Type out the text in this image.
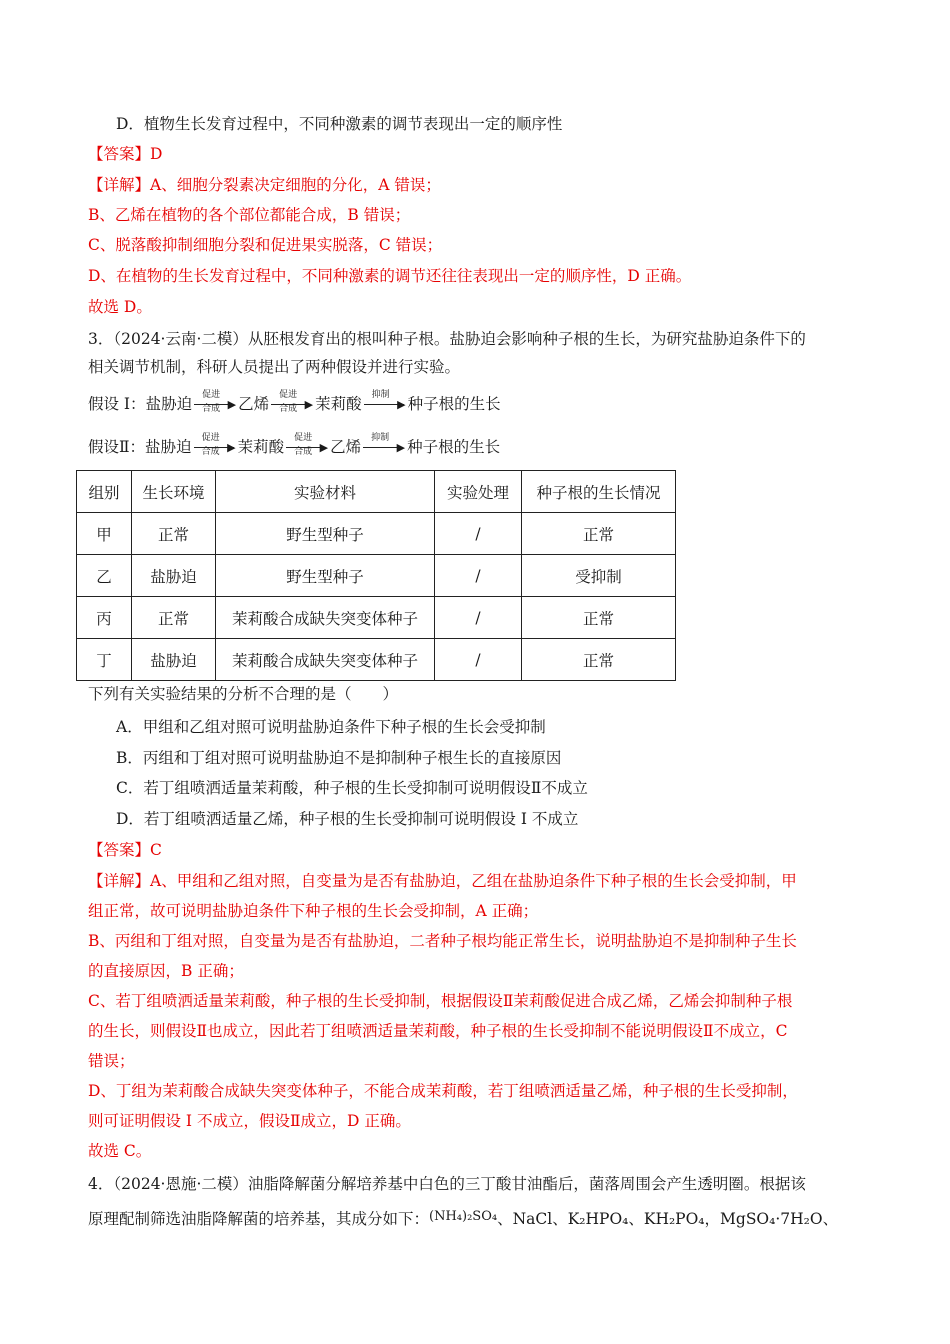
D．植物生长发育过程中，不同种激素的调节表现出一定的顺序性
【答案】D
【详解】A、细胞分裂素决定细胞的分化，A 错误；
B、乙烯在植物的各个部位都能合成，B 错误；
C、脱落酸抑制细胞分裂和促进果实脱落，C 错误；
D、在植物的生长发育过程中，不同种激素的调节还往往表现出一定的顺序性，D 正确。
故选 D。
3．（2024·云南·二模）从胚根发育出的根叫种子根。盐胁迫会影响种子根的生长，为研究盐胁迫条件下的
相关调节机制，科研人员提出了两种假设并进行实验。
假设 I：盐胁迫 促进
▶
合成 乙烯 促进
▶
合成 茉莉酸 抑制
▶ 种子根的生长
假设Ⅱ：盐胁迫 促进
▶
合成 茉莉酸 促进
▶
合成 乙烯 抑制
▶ 种子根的生长
组别	生长环境	实验材料	实验处理	种子根的生长情况
甲	正常	野生型种子	/	正常
乙	盐胁迫	野生型种子	/	受抑制
丙	正常	茉莉酸合成缺失突变体种子	/	正常
丁	盐胁迫	茉莉酸合成缺失突变体种子	/	正常
下列有关实验结果的分析不合理的是（　　）
A．甲组和乙组对照可说明盐胁迫条件下种子根的生长会受抑制
B．丙组和丁组对照可说明盐胁迫不是抑制种子根生长的直接原因
C．若丁组喷洒适量茉莉酸，种子根的生长受抑制可说明假设Ⅱ不成立
D．若丁组喷洒适量乙烯，种子根的生长受抑制可说明假设 I 不成立
【答案】C
【详解】A、甲组和乙组对照，自变量为是否有盐胁迫，乙组在盐胁迫条件下种子根的生长会受抑制，甲
组正常，故可说明盐胁迫条件下种子根的生长会受抑制，A 正确；
B、丙组和丁组对照，自变量为是否有盐胁迫，二者种子根均能正常生长，说明盐胁迫不是抑制种子生长
的直接原因，B 正确；
C、若丁组喷洒适量茉莉酸，种子根的生长受抑制，根据假设Ⅱ茉莉酸促进合成乙烯，乙烯会抑制种子根
的生长，则假设Ⅱ也成立，因此若丁组喷洒适量茉莉酸，种子根的生长受抑制不能说明假设Ⅱ不成立，C
错误；
D、丁组为茉莉酸合成缺失突变体种子，不能合成茉莉酸，若丁组喷洒适量乙烯，种子根的生长受抑制，
则可证明假设 I 不成立，假设Ⅱ成立，D 正确。
故选 C。
4．（2024·恩施·二模）油脂降解菌分解培养基中白色的三丁酸甘油酯后，菌落周围会产生透明圈。根据该
原理配制筛选油脂降解菌的培养基，其成分如下：$^{(NH_4)_2SO_4}$、NaCl、K₂HPO₄、KH₂PO₄，MgSO₄·7H₂O、
